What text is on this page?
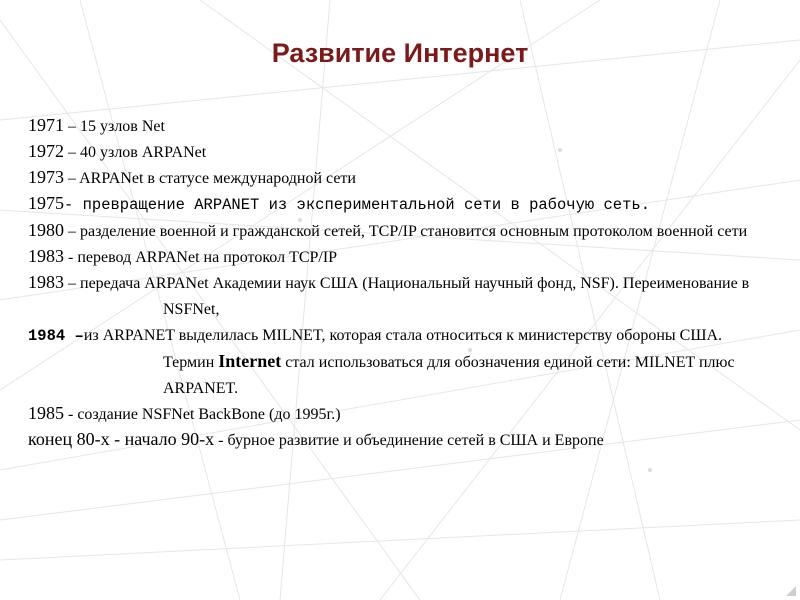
Развитие Интернет
1971 – 15 узлов Net
1972 – 40 узлов ARPANet
1973 – ARPANet в статусе международной сети
1975- превращение ARPANET из экспериментальной сети в рабочую сеть.
1980 – разделение военной и гражданской сетей, TCP/IP становится основным протоколом военной сети
1983 - перевод ARPANet на протокол TCP/IP
1983 – передача ARPANet Академии наук США (Национальный научный фонд, NSF). Переименование в NSFNet,
1984 –из ARPANET выделилась MILNET, которая стала относиться к министерству обороны США. Термин Internet стал использоваться для обозначения единой сети: MILNET плюс ARPANET.
1985 - создание NSFNet BackBone (до 1995г.)
конец 80-х - начало 90-х - бурное развитие и объединение сетей в США и Европе
